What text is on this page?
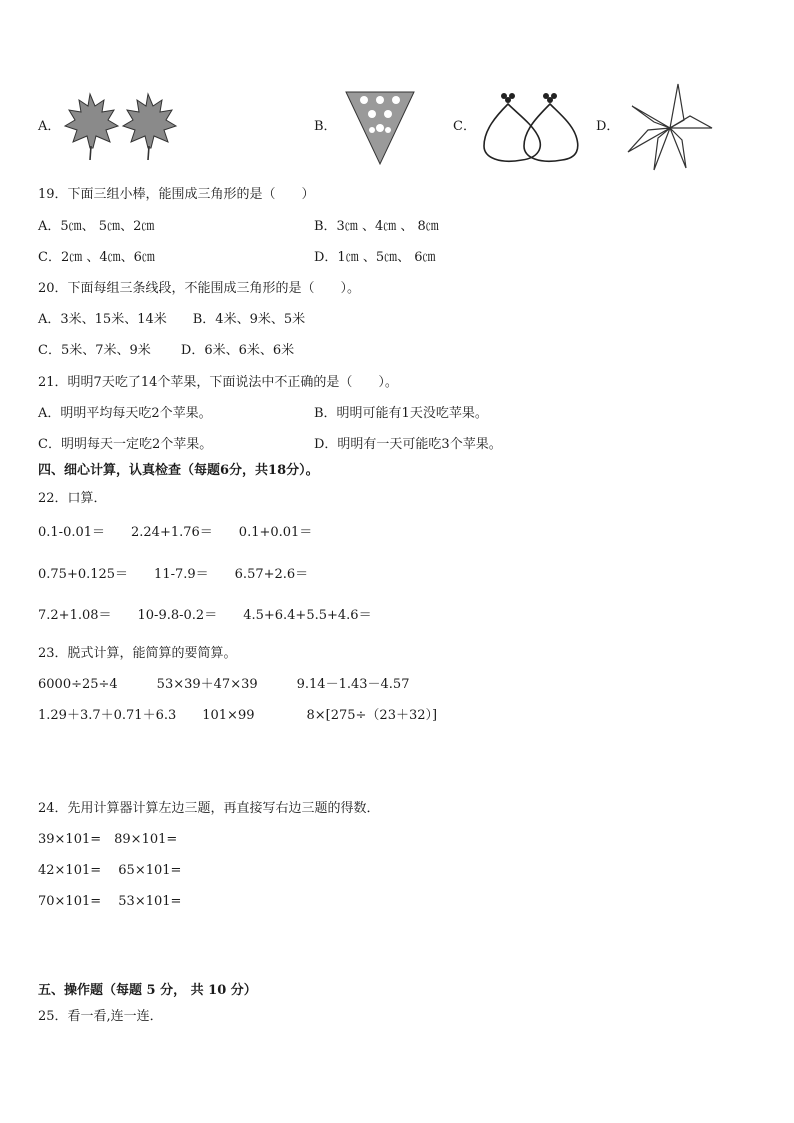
A．	B．	C．	D．
19．下面三组小棒，能围成三角形的是（　　）
A．5㎝、 5㎝、2㎝	B．3㎝ 、4㎝ 、 8㎝
C．2㎝ 、4㎝、6㎝	D．1㎝ 、5㎝、 6㎝
20．下面每组三条线段，不能围成三角形的是（　　）。
A．3米、15米、14米　　B．4米、9米、5米
C．5米、7米、9米　　 D．6米、6米、6米
21．明明7天吃了14个苹果，下面说法中不正确的是（　　）。
A．明明平均每天吃2个苹果。	B．明明可能有1天没吃苹果。
C．明明每天一定吃2个苹果。	D．明明有一天可能吃3个苹果。
四、细心计算，认真检查（每题6分，共18分）。
22．口算．
0.1-0.01＝　　2.24+1.76＝　　0.1+0.01＝
0.75+0.125＝　　11-7.9＝　　6.57+2.6＝
7.2+1.08＝　　10-9.8-0.2＝　　4.5+6.4+5.5+4.6＝
23．脱式计算，能简算的要简算。
6000÷25÷4　　　53×39＋47×39　　　9.14－1.43－4.57
1.29＋3.7＋0.71＋6.3　　101×99　　　　8×[275÷（23＋32）]
24．先用计算器计算左边三题，再直接写右边三题的得数．
39×101=　89×101=
42×101=　 65×101=
70×101=　 53×101=
五、操作题（每题 5 分， 共 10 分）
25．看一看,连一连．
